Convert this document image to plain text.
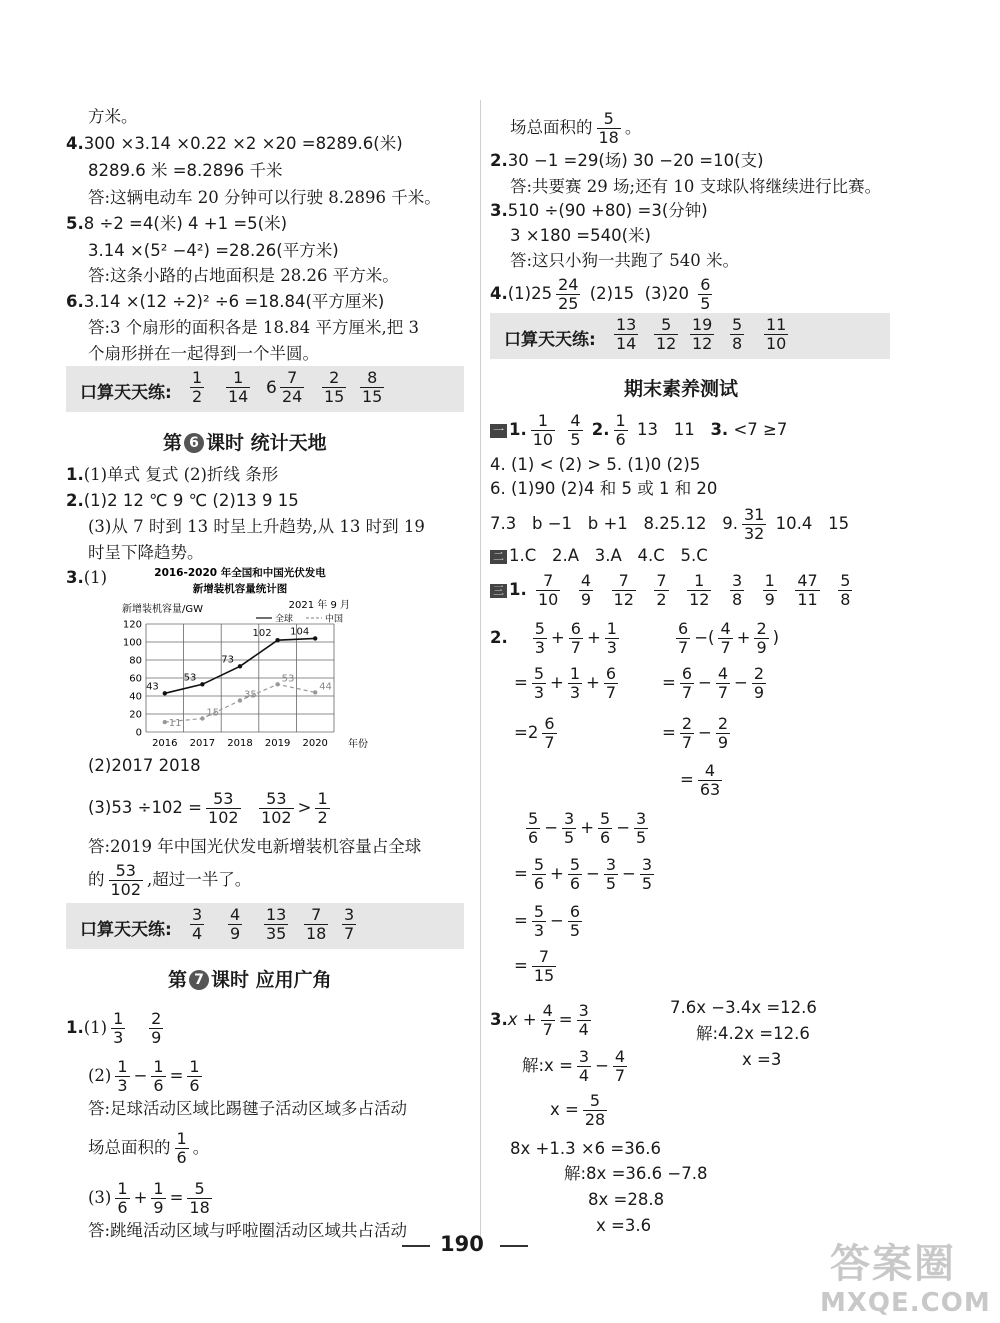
方米。
4.300 ×3.14 ×0.22 ×2 ×20 =8289.6(米)
8289.6 米 =8.2896 千米
答:这辆电动车 20 分钟可以行驶 8.2896 千米。
5.8 ÷2 =4(米) 4 +1 =5(米)
3.14 ×(5² −4²) =28.26(平方米)
答:这条小路的占地面积是 28.26 平方米。
6.3.14 ×(12 ÷2)² ÷6 =18.84(平方厘米)
答:3 个扇形的面积各是 18.84 平方厘米,把 3
个扇形拼在一起得到一个半圆。
口算天天练: $\frac{1}{2} \frac{1}{14} 6 \frac{7}{24} \frac{2}{15} \frac{8}{15}$
第 6 课时 统计天地
1.(1)单式 复式 (2)折线 条形
2.(1)2 12 ℃ 9 ℃ (2)13 9 15
(3)从 7 时到 13 时呈上升趋势,从 13 时到 19
时呈下降趋势。
3.(1)	2016-2020 年全国和中国光伏发电
新增装机容量统计图
新增装机容量/GW	2021 年 9 月
全球	中国
0
20
40
60
80
100
120
2016 2017 2018 2019 2020
43
53
73
102 104
11
15
35
53
44
年份
(2)2017 2018
$(3)53 \div 102 = \frac{53}{102}$
$\frac{53}{102} > \frac{1}{2}$
答:2019 年中国光伏发电新增装机容量占全球
的 $\frac{53}{102}$ ,超过一半了。
口算天天练: $\frac{3}{4} \frac{4}{9} \frac{13}{35} \frac{7}{18} \frac{3}{7}$
第 7 课时 应用广角
$1.(1) \frac{1}{3}$
$\frac{2}{9}$
$(2) \frac{1}{3} - \frac{1}{6} = \frac{1}{6}$
答:足球活动区域比踢毽子活动区域多占活动
场总面积的 $\frac{1}{6}$ 。
$(3) \frac{1}{6} + \frac{1}{9} = \frac{5}{18}$
答:跳绳活动区域与呼啦圈活动区域共占活动
场总面积的 $\frac{5}{18}$ 。
2.30 −1 =29(场) 30 −20 =10(支)
答:共要赛 29 场;还有 10 支球队将继续进行比赛。
3.510 ÷(90 +80) =3(分钟)
3 ×180 =540(米)
答:这只小狗一共跑了 540 米。
$4.(1)25 \frac{24}{25} (2)15$ $(3)20 \frac{6}{5}$
口算天天练: $\frac{13}{14} \frac{5}{12} \frac{19}{12} \frac{5}{8} \frac{11}{10}$
期末素养测试
一 1. $\frac{1}{10}$
$\frac{4}{5} 2$. $\frac{1}{6} 13$   11   3. <7 ≥7
4. (1) < (2) > 5. (1)0 (2)5
6. (1)90 (2)4 和 5 或 1 和 20
7.3   b −1   b +1   8.25.12   9. $\frac{31}{32} 10.4$   15
二 1.C   2.A   3.A   4.C   5.C
三 1. $\frac{7}{10}$
$\frac{4}{9}$
$\frac{7}{12}$
$\frac{7}{2}$
$\frac{1}{12}$
$\frac{3}{8}$
$\frac{1}{9}$
$\frac{47}{11}$
$\frac{5}{8}$
2. $\frac{5}{3} + \frac{6}{7} + \frac{1}{3}$
= $\frac{5}{3} + \frac{1}{3} + \frac{6}{7}$
$=2 \frac{6}{7}$
$\frac{6}{7}$ −( $\frac{4}{7} + \frac{2}{9}$ )
= $\frac{6}{7} - \frac{4}{7} - \frac{2}{9}$
= $\frac{2}{7} - \frac{2}{9}$
= $\frac{4}{63}$
$\frac{5}{6} - \frac{3}{5} + \frac{5}{6} - \frac{3}{5}$
= $\frac{5}{6} + \frac{5}{6} - \frac{3}{5} - \frac{3}{5}$
= $\frac{5}{3} - \frac{6}{5}$
= $\frac{7}{15}$
$3.x + \frac{4}{7} = \frac{3}{4}$
解:x = $\frac{3}{4} - \frac{4}{7}$
$x = \frac{5}{28}$
7.6x −3.4x =12.6
解:4.2x =12.6
x =3
8x +1.3 ×6 =36.6
解:8x =36.6 −7.8
8x =28.8
x =3.6
190	答案圈
MXQE.COM
